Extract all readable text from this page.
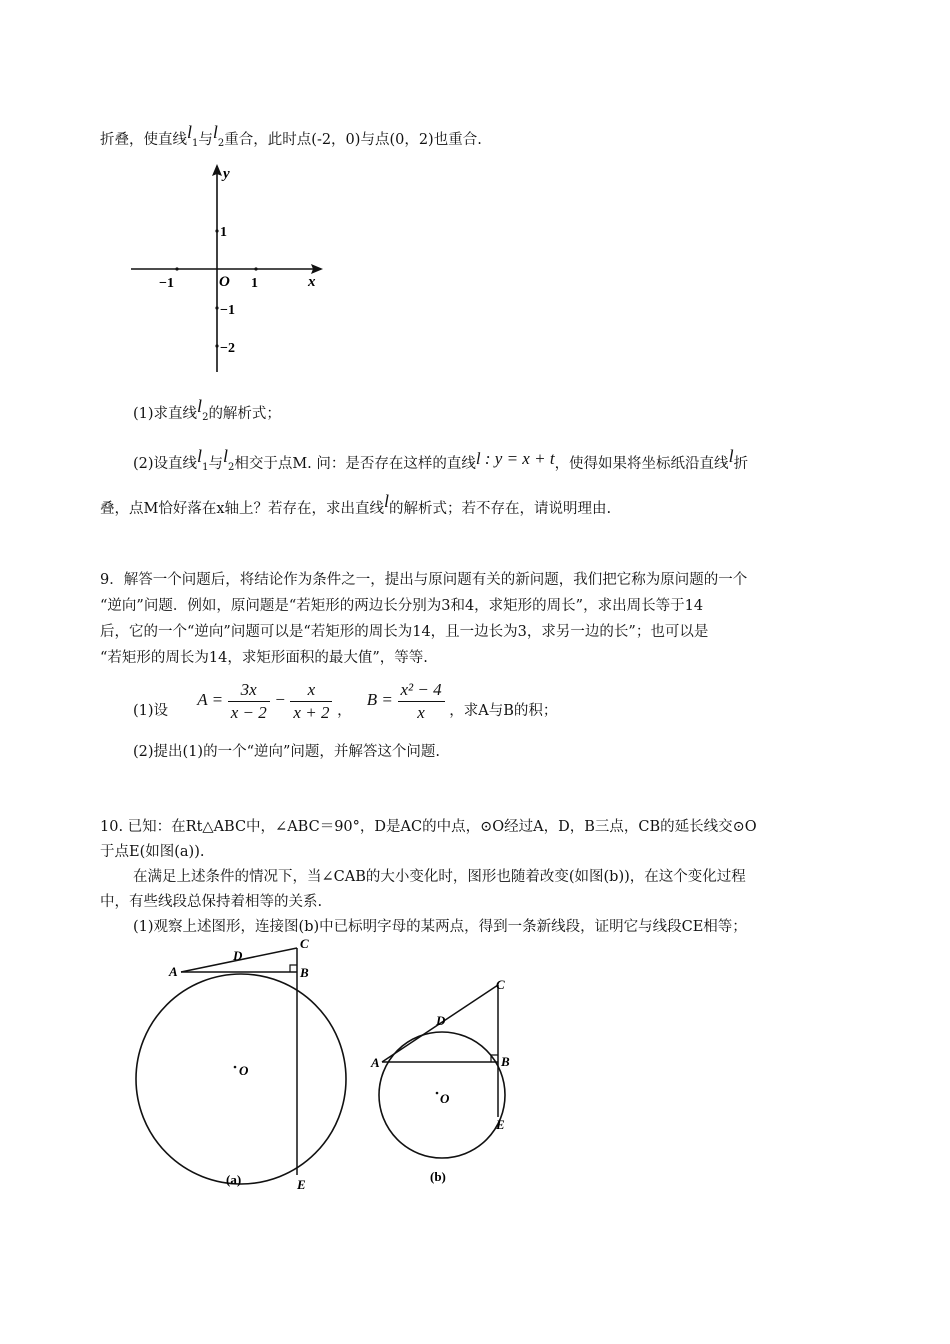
折叠，使直线l1与l2重合，此时点(-2，0)与点(0，2)也重合.
y
x
O
−1	1
1
−1
−2
(1)求直线l2的解析式；
(2)设直线l1与l2相交于点M. 问：是否存在这样的直线l : y = x + t，使得如果将坐标纸沿直线l折
叠，点M恰好落在x轴上？若存在，求出直线l的解析式；若不存在，请说明理由.
9．解答一个问题后，将结论作为条件之一，提出与原问题有关的新问题，我们把它称为原问题的一个
“逆向”问题．例如，原问题是“若矩形的两边长分别为3和4，求矩形的周长”，求出周长等于14
后，它的一个“逆向”问题可以是“若矩形的周长为14，且一边长为3，求另一边的长”；也可以是
“若矩形的周长为14，求矩形面积的最大值”，等等.
(1)设  $A = \frac{3x}{x - 2} - \frac{x}{x + 2}$ ，  $B = \frac{\text{x² − 4}}{x}$ ，求A与B的积；
(2)提出(1)的一个“逆向”问题，并解答这个问题.
10. 已知：在Rt△ABC中，∠ABC＝90°，D是AC的中点，⊙O经过A，D，B三点，CB的延长线交⊙O
于点E(如图(a)).
在满足上述条件的情况下，当∠CAB的大小变化时，图形也随着改变(如图(b))，在这个变化过程
中，有些线段总保持着相等的关系.
(1)观察上述图形，连接图(b)中已标明字母的某两点，得到一条新线段，证明它与线段CE相等；
A
D
C
B
O
E
(a)
C
D
A	B
O
E
(b)
